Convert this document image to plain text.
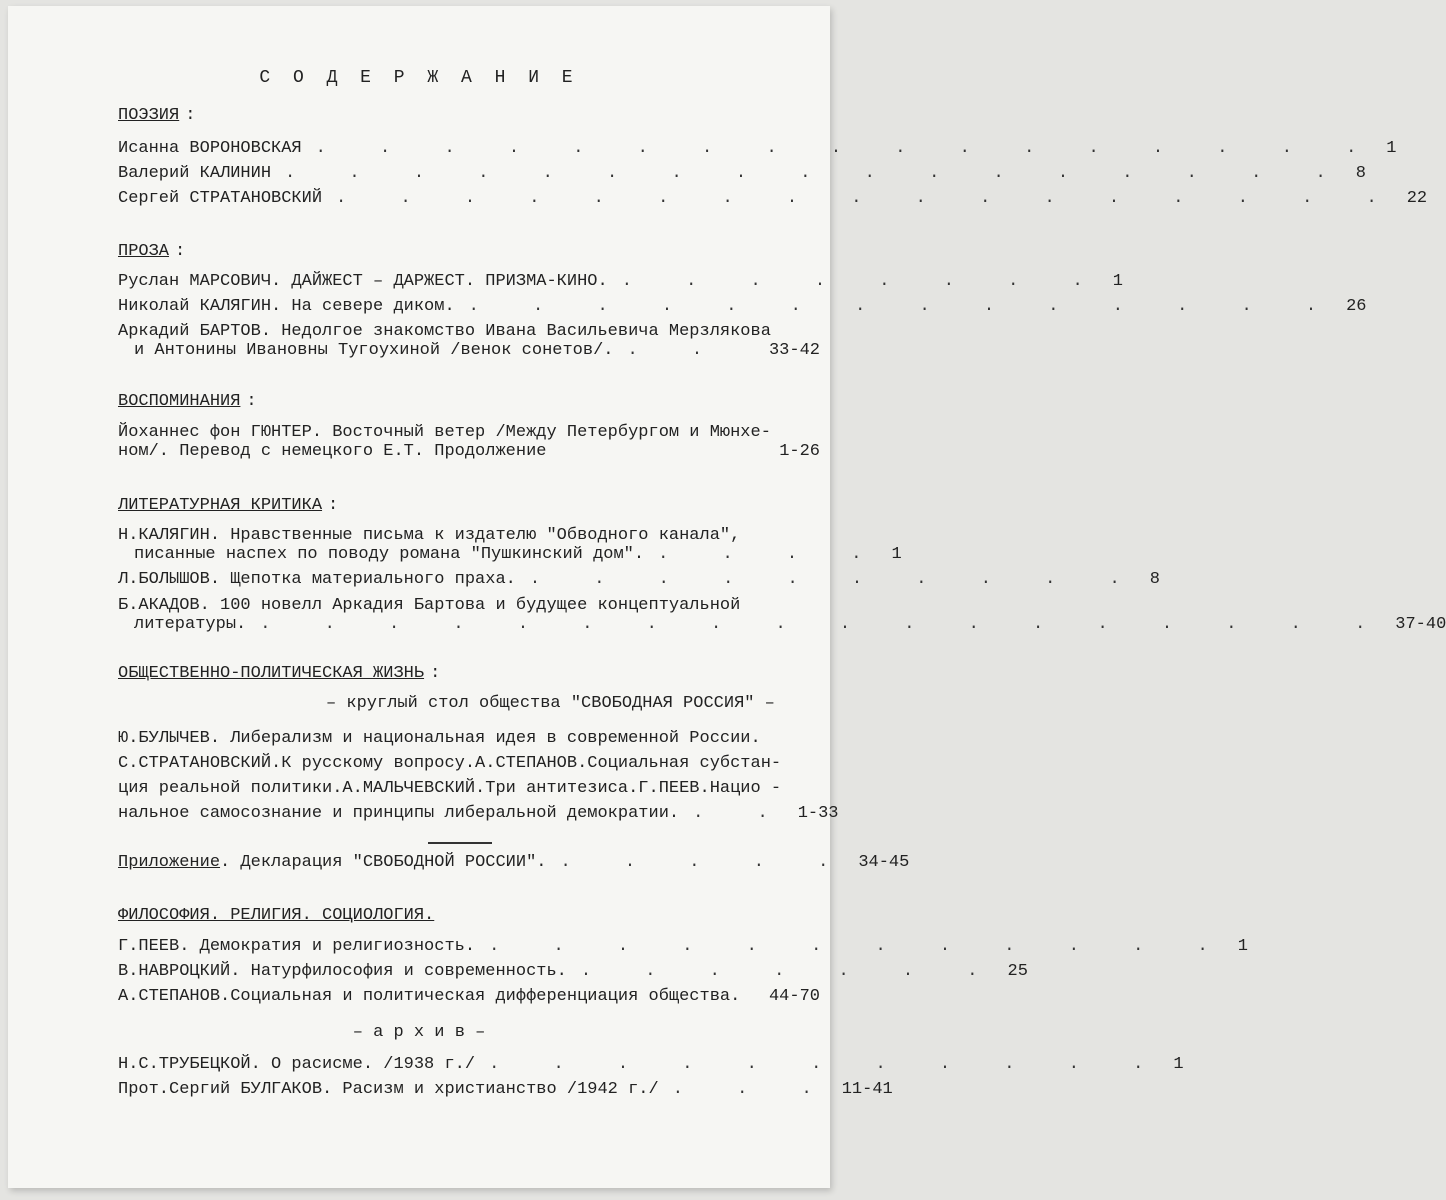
С О Д Е Р Ж А Н И Е
ПОЭЗИЯ :
Исанна ВОРОНОВСКАЯ . . . . . . . . . . . . . . . . . 1
Валерий КАЛИНИН . . . . . . . . . . . . . . . . . 8
Сергей СТРАТАНОВСКИЙ . . . . . . . . . . . . . . . . . 22
ПРОЗА :
Руслан МАРСОВИЧ. ДАЙЖЕСТ – ДАРЖЕСТ. ПРИЗМА-КИНО. . . . . . . . . 1
Николай КАЛЯГИН. На севере диком. . . . . . . . . . . . . . . 26
Аркадий БАРТОВ. Недолгое знакомство Ивана Васильевича Мерзлякова
и Антонины Ивановны Тугоухиной /венок сонетов/. . .	33-42
ВОСПОМИНАНИЯ :
Йоханнес фон ГЮНТЕР. Восточный ветер /Между Петербургом и Мюнхе-
ном/. Перевод с немецкого Е.Т. Продолжение	1-26
ЛИТЕРАТУРНАЯ КРИТИКА :
Н.КАЛЯГИН. Нравственные письма к издателю "Обводного канала",
писанные наспех по поводу романа "Пушкинский дом". . . . . 1
Л.БОЛЫШОВ. Щепотка материального праха. . . . . . . . . . . 8
Б.АКАДОВ. 100 новелл Аркадия Бартова и будущее концептуальной
литературы. . . . . . . . . . . . . . . . . . . 37-40
ОБЩЕСТВЕННО-ПОЛИТИЧЕСКАЯ ЖИЗНЬ :
– круглый стол общества "СВОБОДНАЯ РОССИЯ" –
Ю.БУЛЫЧЕВ. Либерализм и национальная идея в современной России.
С.СТРАТАНОВСКИЙ.К русскому вопросу.А.СТЕПАНОВ.Социальная субстан-
ция реальной политики.А.МАЛЬЧЕВСКИЙ.Три антитезиса.Г.ПЕЕВ.Нацио -
нальное самосознание и принципы либеральной демократии. . . 1-33
Приложение. Декларация "СВОБОДНОЙ РОССИИ". . . . . . 34-45
ФИЛОСОФИЯ. РЕЛИГИЯ. СОЦИОЛОГИЯ.
Г.ПЕЕВ. Демократия и религиозность. . . . . . . . . . . . . 1
В.НАВРОЦКИЙ. Натурфилософия и современность. . . . . . . . 25
А.СТЕПАНОВ.Социальная и политическая дифференциация общества. 44-70
– а р х и в –
Н.С.ТРУБЕЦКОЙ. О расисме. /1938 г./ . . . . . . . . . . . 1
Прот.Сергий БУЛГАКОВ. Расизм и христианство /1942 г./ . . . 11-41
